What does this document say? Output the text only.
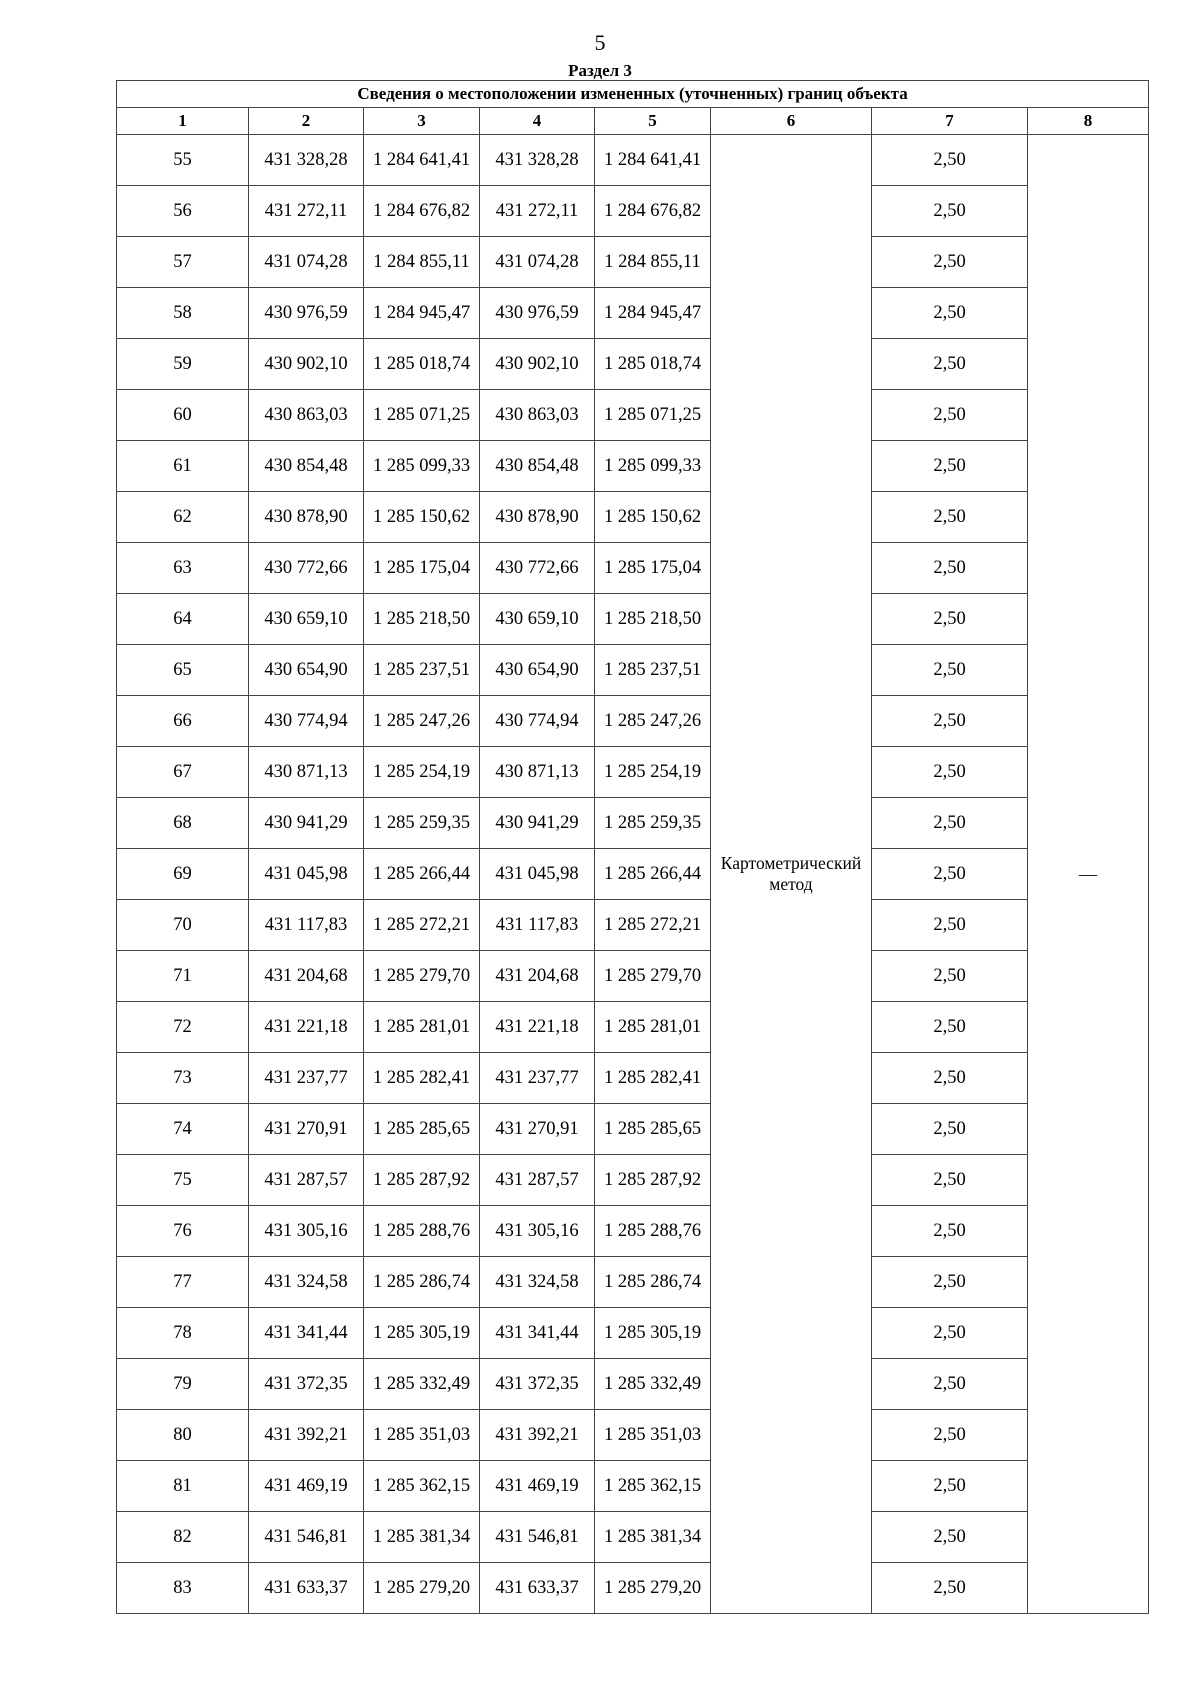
5
Раздел 3
Сведения о местоположении измененных (уточненных) границ объекта							
1	2	3	4	5	6	7	8
55	431 328,28	1 284 641,41	431 328,28	1 284 641,41	Картометрический метод	2,50	—
56	431 272,11	1 284 676,82	431 272,11	1 284 676,82		2,50	
57	431 074,28	1 284 855,11	431 074,28	1 284 855,11		2,50	
58	430 976,59	1 284 945,47	430 976,59	1 284 945,47		2,50	
59	430 902,10	1 285 018,74	430 902,10	1 285 018,74		2,50	
60	430 863,03	1 285 071,25	430 863,03	1 285 071,25		2,50	
61	430 854,48	1 285 099,33	430 854,48	1 285 099,33		2,50	
62	430 878,90	1 285 150,62	430 878,90	1 285 150,62		2,50	
63	430 772,66	1 285 175,04	430 772,66	1 285 175,04		2,50	
64	430 659,10	1 285 218,50	430 659,10	1 285 218,50		2,50	
65	430 654,90	1 285 237,51	430 654,90	1 285 237,51		2,50	
66	430 774,94	1 285 247,26	430 774,94	1 285 247,26		2,50	
67	430 871,13	1 285 254,19	430 871,13	1 285 254,19		2,50	
68	430 941,29	1 285 259,35	430 941,29	1 285 259,35		2,50	
69	431 045,98	1 285 266,44	431 045,98	1 285 266,44		2,50	
70	431 117,83	1 285 272,21	431 117,83	1 285 272,21		2,50	
71	431 204,68	1 285 279,70	431 204,68	1 285 279,70		2,50	
72	431 221,18	1 285 281,01	431 221,18	1 285 281,01		2,50	
73	431 237,77	1 285 282,41	431 237,77	1 285 282,41		2,50	
74	431 270,91	1 285 285,65	431 270,91	1 285 285,65		2,50	
75	431 287,57	1 285 287,92	431 287,57	1 285 287,92		2,50	
76	431 305,16	1 285 288,76	431 305,16	1 285 288,76		2,50	
77	431 324,58	1 285 286,74	431 324,58	1 285 286,74		2,50	
78	431 341,44	1 285 305,19	431 341,44	1 285 305,19		2,50	
79	431 372,35	1 285 332,49	431 372,35	1 285 332,49		2,50	
80	431 392,21	1 285 351,03	431 392,21	1 285 351,03		2,50	
81	431 469,19	1 285 362,15	431 469,19	1 285 362,15		2,50	
82	431 546,81	1 285 381,34	431 546,81	1 285 381,34		2,50	
83	431 633,37	1 285 279,20	431 633,37	1 285 279,20		2,50	
